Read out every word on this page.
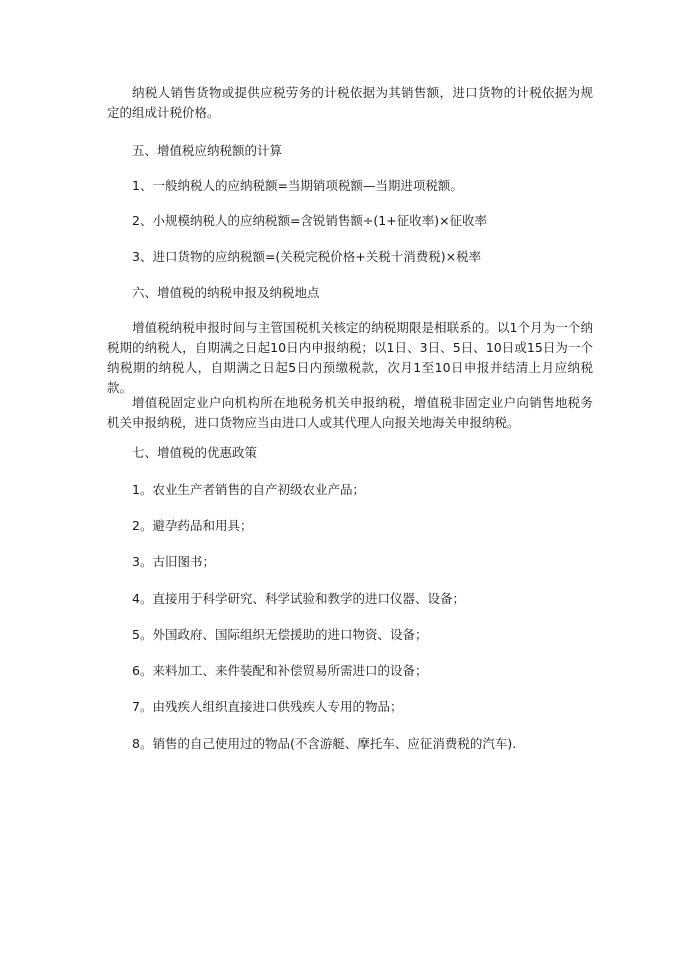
纳税人销售货物或提供应税劳务的计税依据为其销售额，进口货物的计税依据为规定的组成计税价格。

五、增值税应纳税额的计算

1、一般纳税人的应纳税额=当期销项税额—当期进项税额。

2、小规模纳税人的应纳税额=含锐销售额÷(1+征收率)×征收率

3、进口货物的应纳税额=(关税完税价格+关税十消费税)×税率

六、增值税的纳税申报及纳税地点

增值税纳税申报时间与主管国税机关核定的纳税期限是相联系的。以1个月为一个纳税期的纳税人，自期满之日起10日内申报纳税；以1日、3日、5日、10日或15日为一个纳税期的纳税人，自期满之日起5日内预缴税款，次月1至10日申报并结清上月应纳税款。

增值税固定业户向机构所在地税务机关申报纳税，增值税非固定业户向销售地税务机关申报纳税，进口货物应当由进口人或其代理人向报关地海关申报纳税。

七、增值税的优惠政策

1。农业生产者销售的自产初级农业产品；

2。避孕药品和用具；

3。古旧图书；

4。直接用于科学研究、科学试验和教学的进口仪器、设备；

5。外国政府、国际组织无偿援助的进口物资、设备；

6。来料加工、来件装配和补偿贸易所需进口的设备；

7。由残疾人组织直接进口供残疾人专用的物品；

8。销售的自己使用过的物品(不含游艇、摩托车、应征消费税的汽车).
